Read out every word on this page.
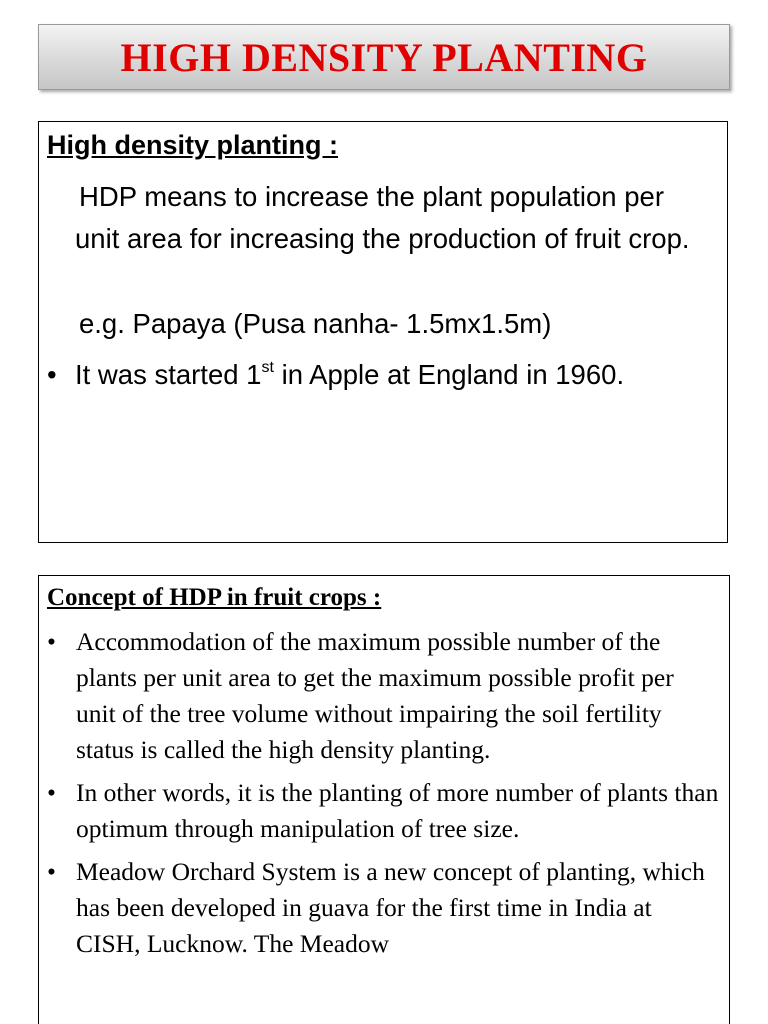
HIGH DENSITY PLANTING
High density planting :
HDP means to increase the plant population per unit area for increasing the production of fruit crop.
e.g. Papaya (Pusa nanha- 1.5mx1.5m)
• It was started 1st in Apple at England in 1960.
Concept of HDP in fruit crops :
• Accommodation of the maximum possible number of the plants per unit area to get the maximum possible profit per unit of the tree volume without impairing the soil fertility status is called the high density planting.
• In other words, it is the planting of more number of plants than optimum through manipulation of tree size.
• Meadow Orchard System is a new concept of planting, which has been developed in guava for the first time in India at CISH, Lucknow. The Meadow
